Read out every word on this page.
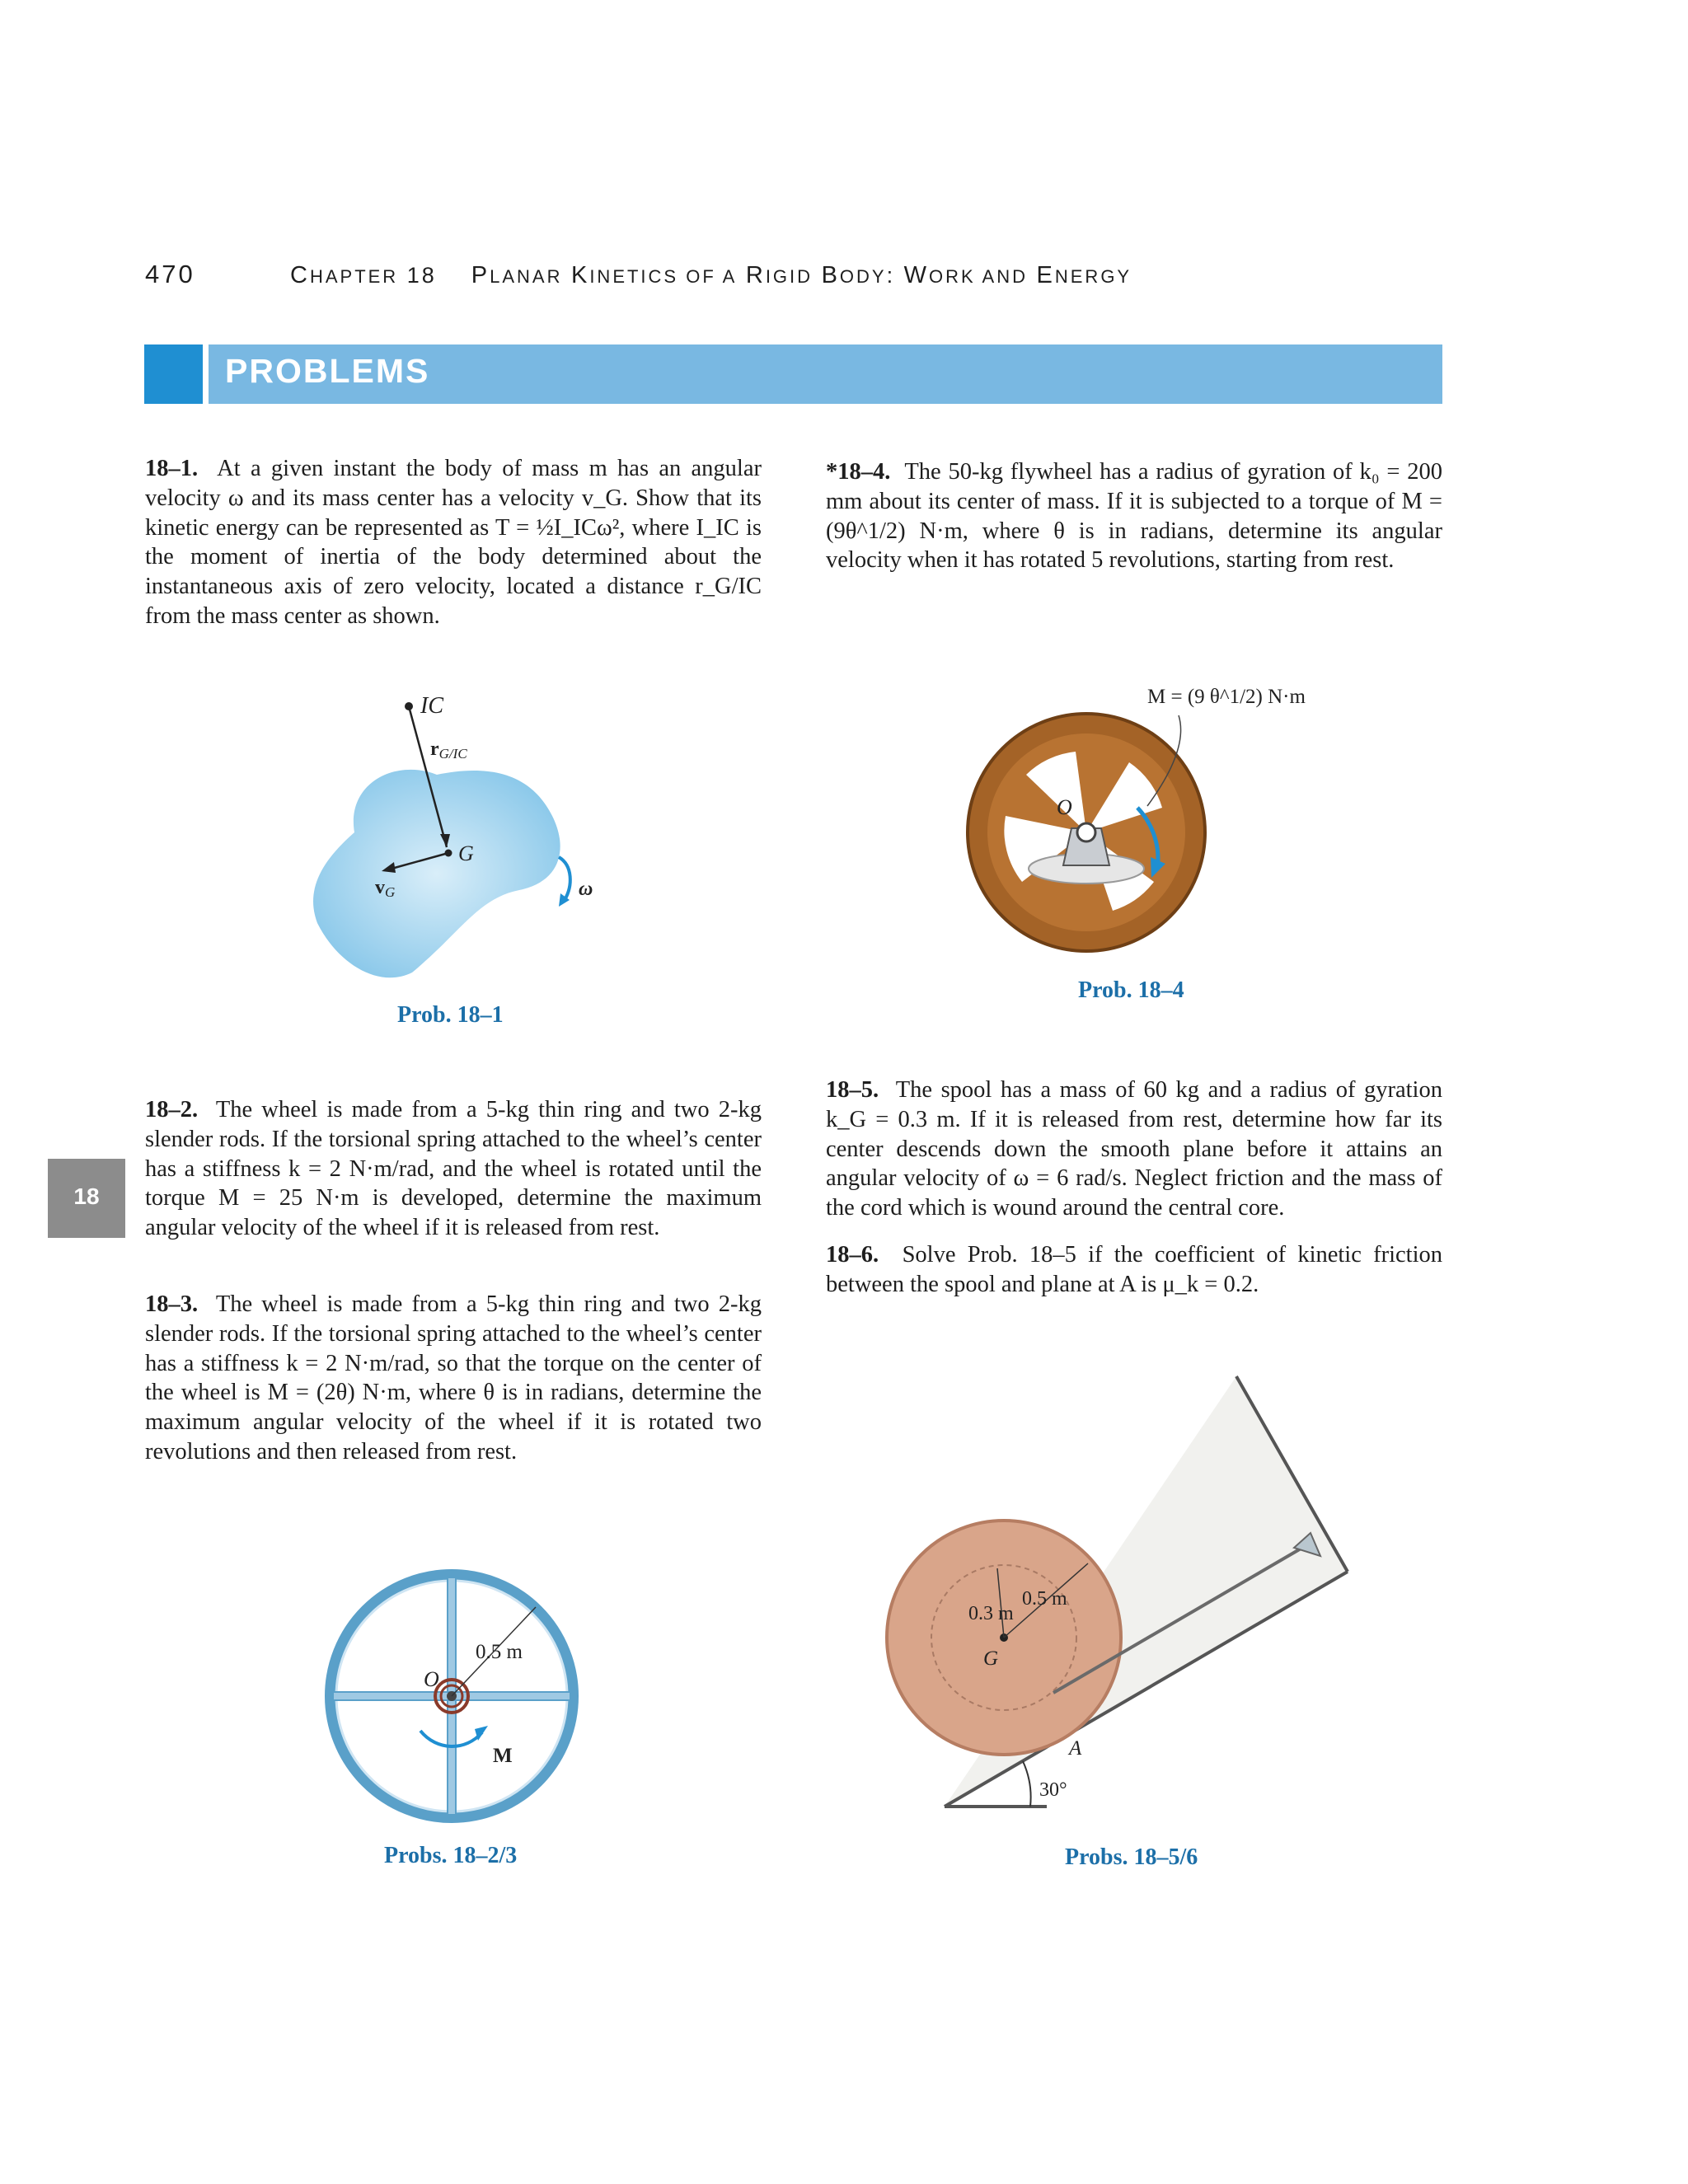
470	CHAPTER 18    PLANAR KINETICS OF A RIGID BODY: WORK AND ENERGY
PROBLEMS
18
18–1. At a given instant the body of mass m has an angular velocity ω and its mass center has a velocity v_G. Show that its kinetic energy can be represented as T = ½I_ICω², where I_IC is the moment of inertia of the body determined about the instantaneous axis of zero velocity, located a distance r_G/IC from the mass center as shown.
*18–4. The 50-kg flywheel has a radius of gyration of k₀ = 200 mm about its center of mass. If it is subjected to a torque of M = (9θ^1/2) N·m, where θ is in radians, determine its angular velocity when it has rotated 5 revolutions, starting from rest.
18–2. The wheel is made from a 5-kg thin ring and two 2-kg slender rods. If the torsional spring attached to the wheel’s center has a stiffness k = 2 N·m/rad, and the wheel is rotated until the torque M = 25 N·m is developed, determine the maximum angular velocity of the wheel if it is released from rest.
18–3. The wheel is made from a 5-kg thin ring and two 2-kg slender rods. If the torsional spring attached to the wheel’s center has a stiffness k = 2 N·m/rad, so that the torque on the center of the wheel is M = (2θ) N·m, where θ is in radians, determine the maximum angular velocity of the wheel if it is rotated two revolutions and then released from rest.
18–5. The spool has a mass of 60 kg and a radius of gyration k_G = 0.3 m. If it is released from rest, determine how far its center descends down the smooth plane before it attains an angular velocity of ω = 6 rad/s. Neglect friction and the mass of the cord which is wound around the central core.
18–6. Solve Prob. 18–5 if the coefficient of kinetic friction between the spool and plane at A is μ_k = 0.2.
IC
rG/IC
G
vG	ω
Prob. 18–1
O
M = (9 θ^1/2) N·m
Prob. 18–4
O
0.5 m
M
Probs. 18–2/3
0.5 m
0.3 m
G
A
30°
Probs. 18–5/6
